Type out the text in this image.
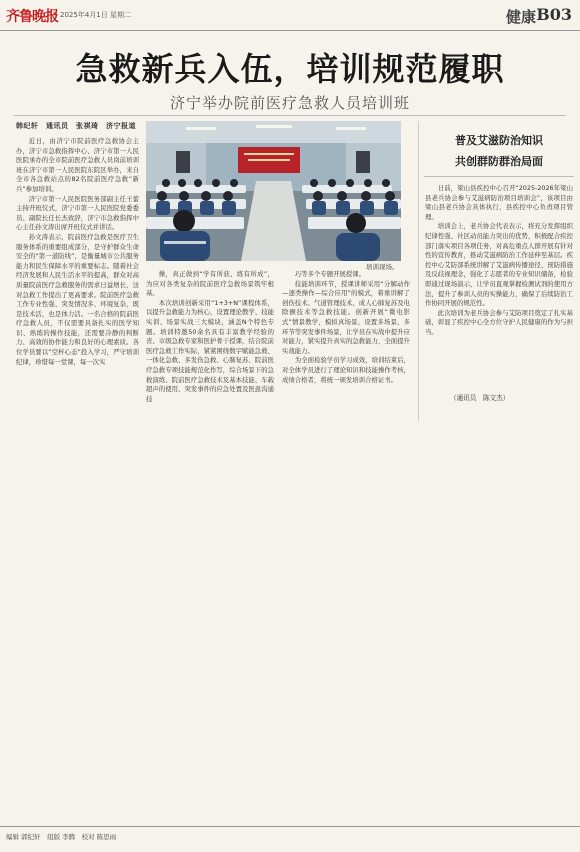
齐鲁晚报 2025年4月1日 星期二	健康 B03
急救新兵入伍，培训规范履职
济宁举办院前医疗急救人员培训班
韩纪轩　通讯员　张祺琦　济宁报道

近日，由济宁市院前医疗急救协会主办，济宁市急救指挥中心、济宁市第一人民医院承办的全市院前医疗急救人员岗前培训班在济宁市第一人民医院东院区举办，来自全市各急救站点的82名院前医疗急救“新兵”参加培训。

济宁市第一人民医院医务部副主任王蕾主持开班仪式，济宁市第一人民医院党委委员、副院长任长杰致辞，济宁市急救指挥中心主任孙文涛出席开班仪式并讲话。

孙文涛表示，院前医疗急救是医疗卫生服务体系的重要组成部分，是守护群众生命安全的“第一道防线”，是衡量城市公共服务能力和民生保障水平的重要标志。随着社会经济发展和人民生活水平的提高，群众对高质量院前医疗急救服务的需求日益增长，这对急救工作提出了更高要求。院前医疗急救工作专业性强、突发情况多、环境复杂，既是技术活，也是体力活。一名合格的院前医疗急救人员，不仅需要具备扎实的医学知识、熟练的操作技能，还需要冷静的判断力、高效的协作能力和良好的心理素质。各位学员要以“空杯心态”投入学习，严守培训纪律，珍惜每一堂课，每一次实

培训现场。

操，真正做到“学有所获、练有所成”，为应对各类复杂的院前医疗急救场景筑牢根基。

本次培训创新采用“1+3+N”课程体系，以提升急救能力为核心，设置理论教学、技能实训、场景实战三大模块，涵盖N个特色专题。培训特邀50余名具有丰富教学经验的省、市级急救专家和医护骨干授课，结合院前医疗急救工作实际，紧紧围绕数字赋能急救、一体化急救、多发伤急救、心肺复苏、院前医疗急救专项技能规范化作写，综合场景下的急救演练、院前医疗急救技术及基本技能、车载超声的使用、突发事件的应急处置及医患沟通技

巧等多个专题开展授课。

技能培训环节，授课讲师采用“分解动作—逐类操作—综合应用”的模式，着重讲解了创伤技术、气道管理技术、成人心肺复苏及电除颤技术等急救技能。创新开展“微电影式”情景教学，模拟真场景、设置多场景、多环节等突发事件场景，让学员在实战中提升应对能力，紧实提升真实的急救能力，全面提升实战能力。

为全面检验学员学习成效，培训结束后，对全体学员进行了理论知识和技能操作考核，成绩合格者，将统一颁发培训合格证书。

普及艾滋防治知识
共创群防群治局面

日前，梁山县疾控中心召开“2025-2026年梁山县老兵协会参与艾滋病防治项目培训会”，该项目由梁山县老兵协会具体执行，县疾控中心负责项目管理。

培训会上，老兵协会代表表示，将充分发挥组织纪律性强、社区动员能力突出的优势，积极配合疾控部门落实项目各项任务，对高危重点人群开展有针对性的宣传教育，推动艾滋病防治工作延伸至基层。疾控中心艾防部系统讲解了艾滋病传播途径、预防措施及反歧视理念，强化了志愿者的专业知识储备，检验即通过现场演示，让学员直观掌握检测试剂的使用方法，提升了参训人员的实操能力，确保了后续防治工作协同开展的规范性。

此次培训为老兵协会参与艾防项目奠定了扎实基础，彰显了疾控中心全方位守护人民健康的作为与担当。

（通讯员　陈文杰）
编辑 郭纪轩　组版 李腾　校对 陈思雨
